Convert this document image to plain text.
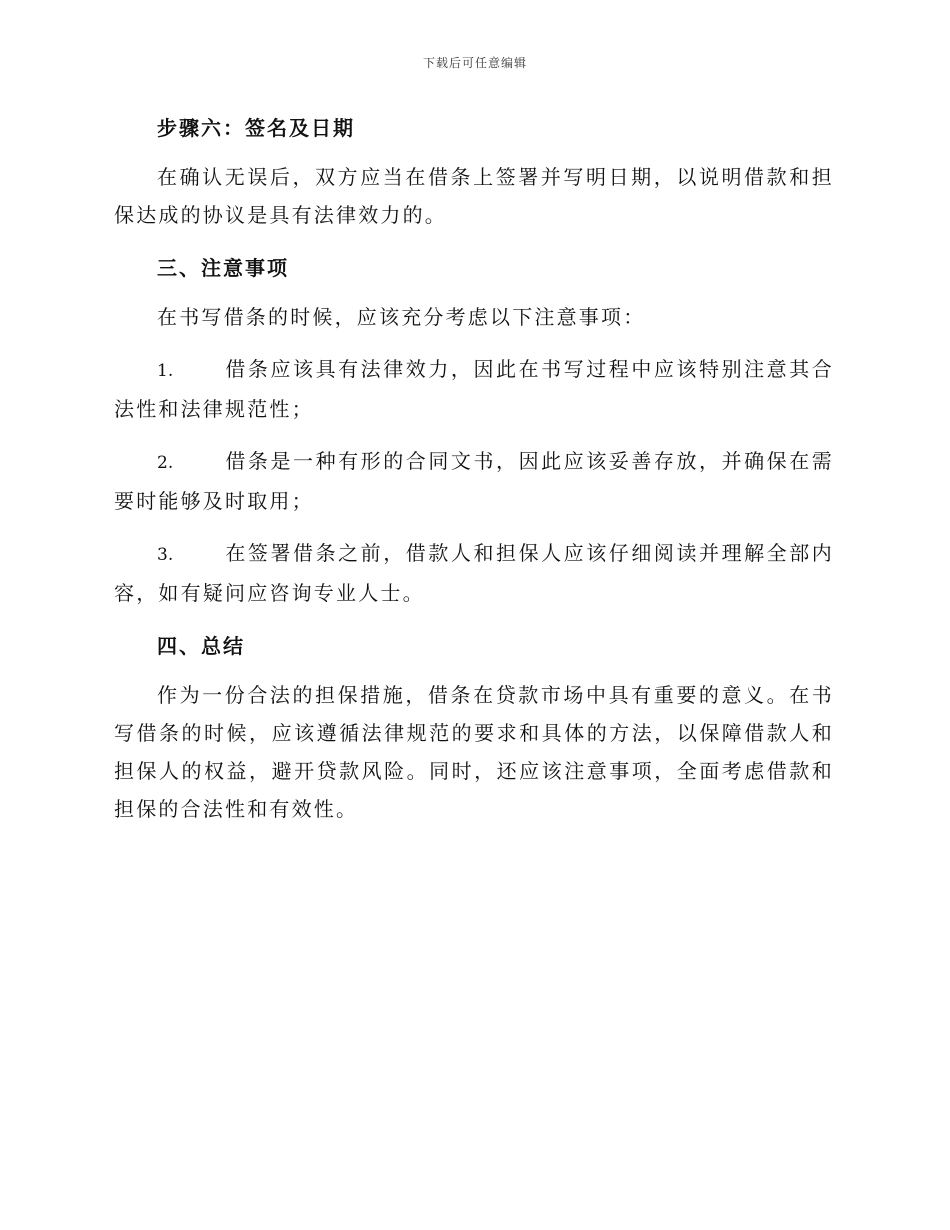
下载后可任意编辑
步骤六：签名及日期

在确认无误后，双方应当在借条上签署并写明日期，以说明借款和担保达成的协议是具有法律效力的。

三、注意事项

在书写借条的时候，应该充分考虑以下注意事项：

1.	借条应该具有法律效力，因此在书写过程中应该特别注意其合法性和法律规范性；

2.	借条是一种有形的合同文书，因此应该妥善存放，并确保在需要时能够及时取用；

3.	在签署借条之前，借款人和担保人应该仔细阅读并理解全部内容，如有疑问应咨询专业人士。

四、总结

作为一份合法的担保措施，借条在贷款市场中具有重要的意义。在书写借条的时候，应该遵循法律规范的要求和具体的方法，以保障借款人和担保人的权益，避开贷款风险。同时，还应该注意事项，全面考虑借款和担保的合法性和有效性。
